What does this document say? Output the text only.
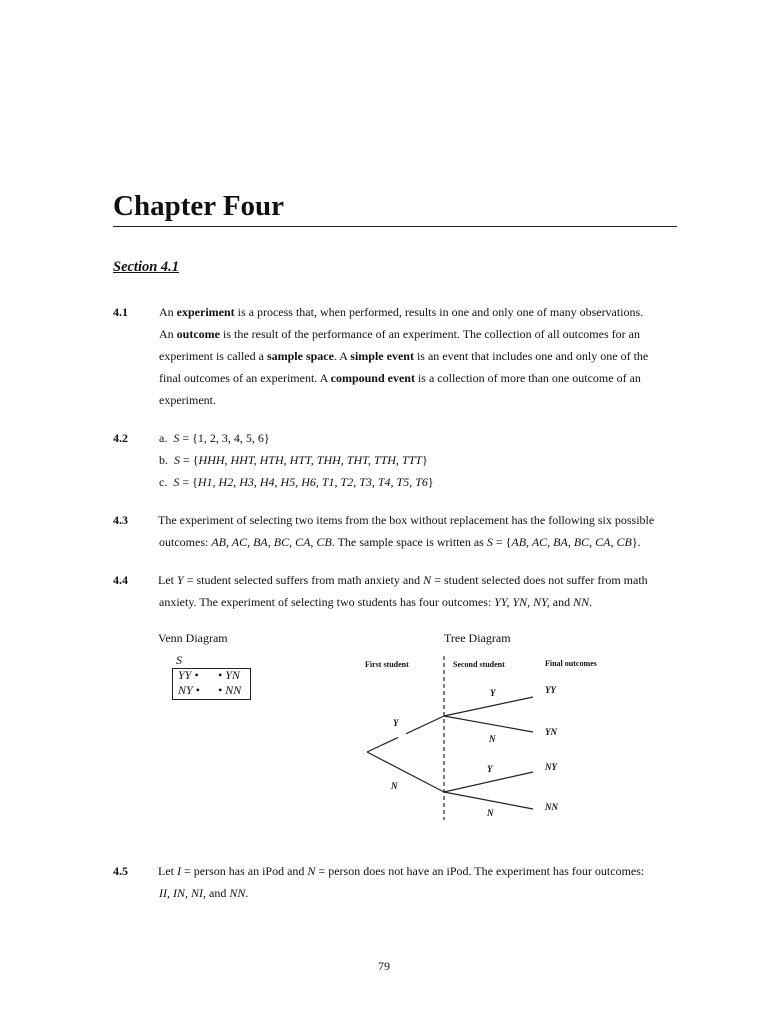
Chapter Four
Section 4.1
4.1	An experiment is a process that, when performed, results in one and only one of many observations.
An outcome is the result of the performance of an experiment. The collection of all outcomes for an
experiment is called a sample space. A simple event is an event that includes one and only one of the
final outcomes of an experiment. A compound event is a collection of more than one outcome of an
experiment.
4.2	a. S = {1, 2, 3, 4, 5, 6}
b. S = {HHH, HHT, HTH, HTT, THH, THT, TTH, TTT}
c. S = {H1, H2, H3, H4, H5, H6, T1, T2, T3, T4, T5, T6}
4.3	The experiment of selecting two items from the box without replacement has the following six possible
outcomes: AB, AC, BA, BC, CA, CB. The sample space is written as S = {AB, AC, BA, BC, CA, CB}.
4.4	Let Y = student selected suffers from math anxiety and N = student selected does not suffer from math
anxiety. The experiment of selecting two students has four outcomes: YY, YN, NY, and NN.
Venn Diagram
S
YY • • YN
NY • • NN
Tree Diagram
First student	Second student	Final outcomes
Y
N
Y
N
Y
N
YY
YN
NY
NN
4.5	Let I = person has an iPod and N = person does not have an iPod. The experiment has four outcomes:
II, IN, NI, and NN.
79
